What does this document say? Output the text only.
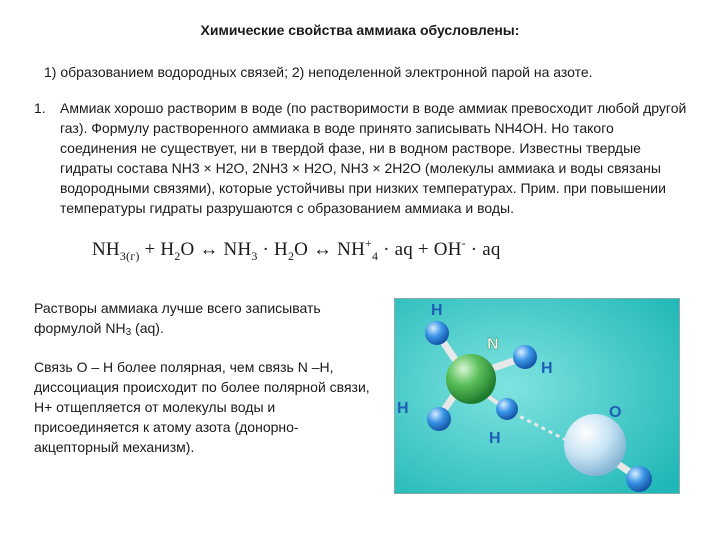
Химические свойства аммиака обусловлены:
1) образованием водородных связей; 2) неподеленной электронной парой на азоте.
1. Аммиак хорошо растворим в воде (по растворимости в воде аммиак превосходит любой другой газ). Формулу растворенного аммиака в воде принято записывать NH4OH. Но такого соединения не существует, ни в твердой фазе, ни в водном растворе. Известны твердые гидраты состава NH3 × H2O, 2NH3 × H2O, NH3 × 2H2O (молекулы аммиака и воды связаны водородными связями), которые устойчивы при низких температурах. Прим. при повышении температуры гидраты разрушаются с образованием аммиака и воды.
$NH_{3(г)} + H_2O$ ↔ $NH_3 \cdot H_2O$ ↔ $NH^+_4$ · aq + OH- · aq

Растворы аммиака лучше всего записывать формулой NH3 (aq).

Связь О – Н более полярная, чем связь N –H, диссоциация происходит по более полярной связи, Н+ отщепляется от молекулы воды и присоединяется к атому азота (донорно-акцепторный механизм).

H
N
H
H
H
O
